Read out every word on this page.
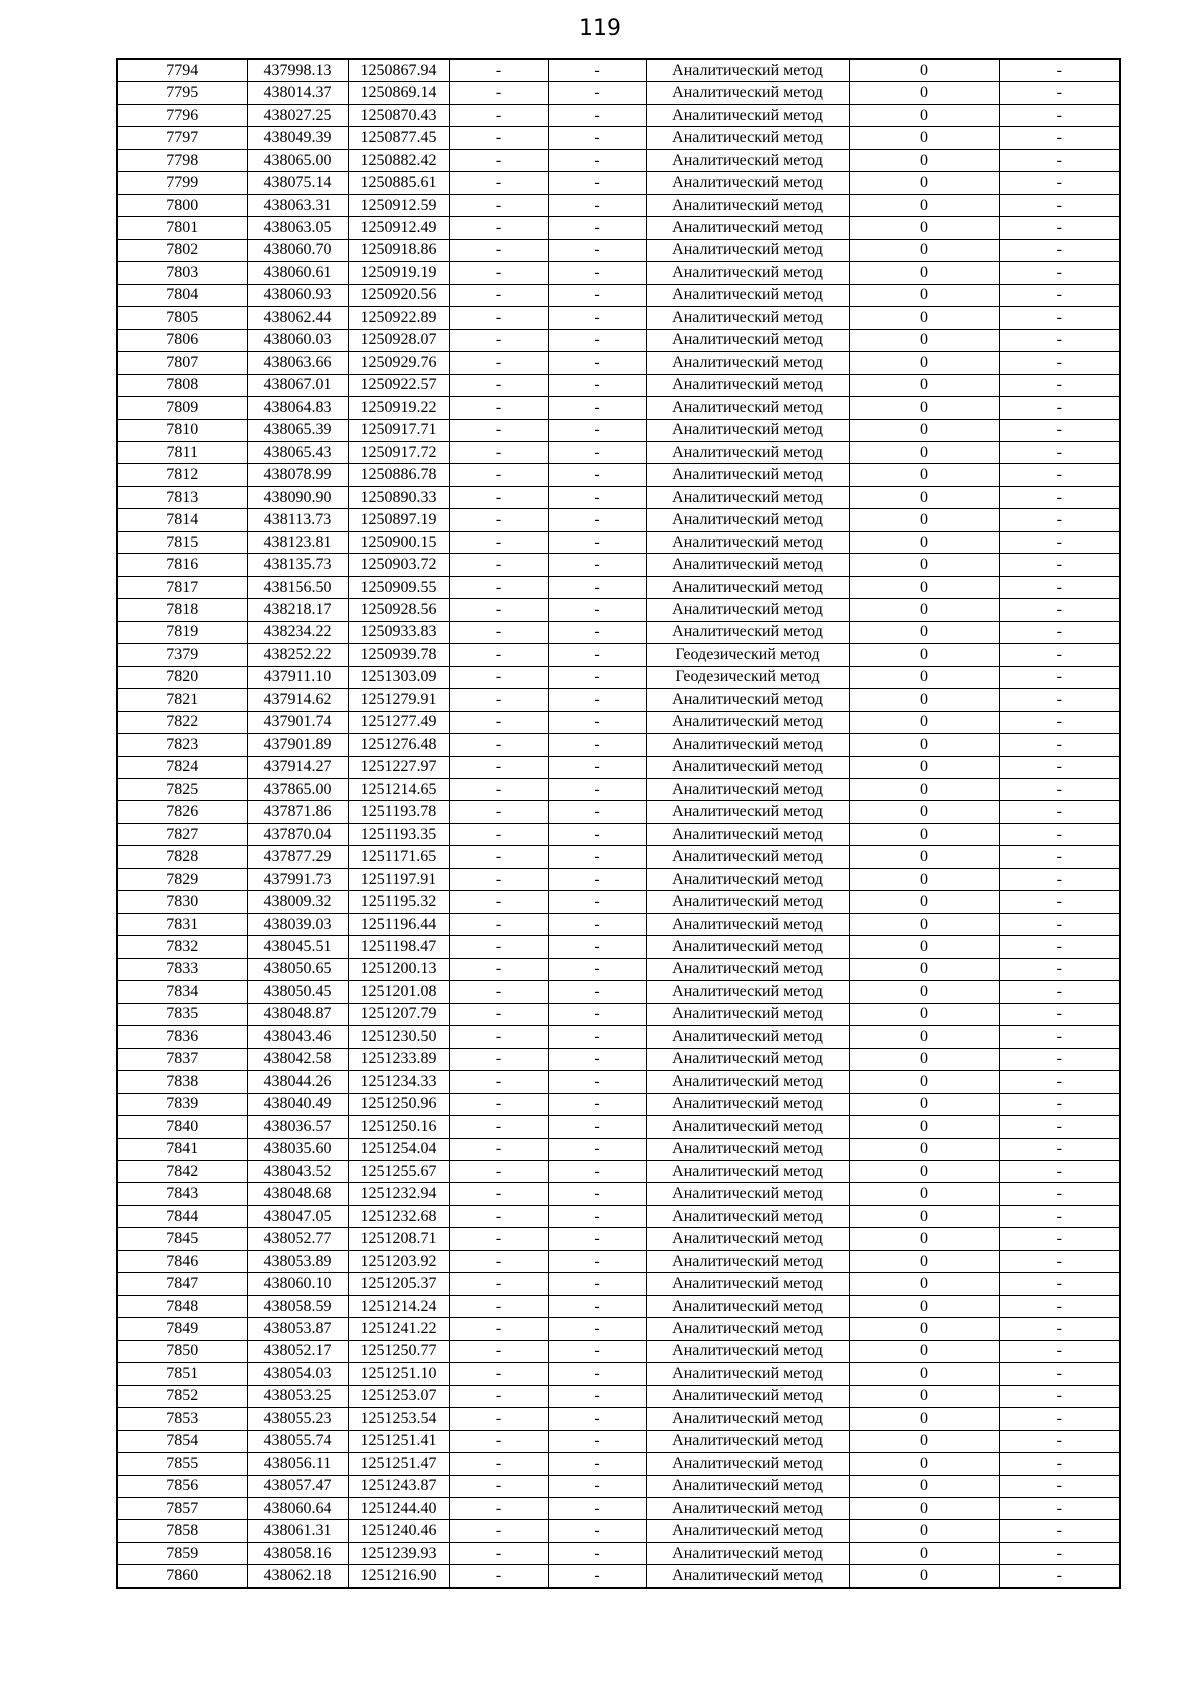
119
7794	437998.13	1250867.94	-	-	Аналитический метод	0	-
7795	438014.37	1250869.14	-	-	Аналитический метод	0	-
7796	438027.25	1250870.43	-	-	Аналитический метод	0	-
7797	438049.39	1250877.45	-	-	Аналитический метод	0	-
7798	438065.00	1250882.42	-	-	Аналитический метод	0	-
7799	438075.14	1250885.61	-	-	Аналитический метод	0	-
7800	438063.31	1250912.59	-	-	Аналитический метод	0	-
7801	438063.05	1250912.49	-	-	Аналитический метод	0	-
7802	438060.70	1250918.86	-	-	Аналитический метод	0	-
7803	438060.61	1250919.19	-	-	Аналитический метод	0	-
7804	438060.93	1250920.56	-	-	Аналитический метод	0	-
7805	438062.44	1250922.89	-	-	Аналитический метод	0	-
7806	438060.03	1250928.07	-	-	Аналитический метод	0	-
7807	438063.66	1250929.76	-	-	Аналитический метод	0	-
7808	438067.01	1250922.57	-	-	Аналитический метод	0	-
7809	438064.83	1250919.22	-	-	Аналитический метод	0	-
7810	438065.39	1250917.71	-	-	Аналитический метод	0	-
7811	438065.43	1250917.72	-	-	Аналитический метод	0	-
7812	438078.99	1250886.78	-	-	Аналитический метод	0	-
7813	438090.90	1250890.33	-	-	Аналитический метод	0	-
7814	438113.73	1250897.19	-	-	Аналитический метод	0	-
7815	438123.81	1250900.15	-	-	Аналитический метод	0	-
7816	438135.73	1250903.72	-	-	Аналитический метод	0	-
7817	438156.50	1250909.55	-	-	Аналитический метод	0	-
7818	438218.17	1250928.56	-	-	Аналитический метод	0	-
7819	438234.22	1250933.83	-	-	Аналитический метод	0	-
7379	438252.22	1250939.78	-	-	Геодезический метод	0	-
7820	437911.10	1251303.09	-	-	Геодезический метод	0	-
7821	437914.62	1251279.91	-	-	Аналитический метод	0	-
7822	437901.74	1251277.49	-	-	Аналитический метод	0	-
7823	437901.89	1251276.48	-	-	Аналитический метод	0	-
7824	437914.27	1251227.97	-	-	Аналитический метод	0	-
7825	437865.00	1251214.65	-	-	Аналитический метод	0	-
7826	437871.86	1251193.78	-	-	Аналитический метод	0	-
7827	437870.04	1251193.35	-	-	Аналитический метод	0	-
7828	437877.29	1251171.65	-	-	Аналитический метод	0	-
7829	437991.73	1251197.91	-	-	Аналитический метод	0	-
7830	438009.32	1251195.32	-	-	Аналитический метод	0	-
7831	438039.03	1251196.44	-	-	Аналитический метод	0	-
7832	438045.51	1251198.47	-	-	Аналитический метод	0	-
7833	438050.65	1251200.13	-	-	Аналитический метод	0	-
7834	438050.45	1251201.08	-	-	Аналитический метод	0	-
7835	438048.87	1251207.79	-	-	Аналитический метод	0	-
7836	438043.46	1251230.50	-	-	Аналитический метод	0	-
7837	438042.58	1251233.89	-	-	Аналитический метод	0	-
7838	438044.26	1251234.33	-	-	Аналитический метод	0	-
7839	438040.49	1251250.96	-	-	Аналитический метод	0	-
7840	438036.57	1251250.16	-	-	Аналитический метод	0	-
7841	438035.60	1251254.04	-	-	Аналитический метод	0	-
7842	438043.52	1251255.67	-	-	Аналитический метод	0	-
7843	438048.68	1251232.94	-	-	Аналитический метод	0	-
7844	438047.05	1251232.68	-	-	Аналитический метод	0	-
7845	438052.77	1251208.71	-	-	Аналитический метод	0	-
7846	438053.89	1251203.92	-	-	Аналитический метод	0	-
7847	438060.10	1251205.37	-	-	Аналитический метод	0	-
7848	438058.59	1251214.24	-	-	Аналитический метод	0	-
7849	438053.87	1251241.22	-	-	Аналитический метод	0	-
7850	438052.17	1251250.77	-	-	Аналитический метод	0	-
7851	438054.03	1251251.10	-	-	Аналитический метод	0	-
7852	438053.25	1251253.07	-	-	Аналитический метод	0	-
7853	438055.23	1251253.54	-	-	Аналитический метод	0	-
7854	438055.74	1251251.41	-	-	Аналитический метод	0	-
7855	438056.11	1251251.47	-	-	Аналитический метод	0	-
7856	438057.47	1251243.87	-	-	Аналитический метод	0	-
7857	438060.64	1251244.40	-	-	Аналитический метод	0	-
7858	438061.31	1251240.46	-	-	Аналитический метод	0	-
7859	438058.16	1251239.93	-	-	Аналитический метод	0	-
7860	438062.18	1251216.90	-	-	Аналитический метод	0	-
